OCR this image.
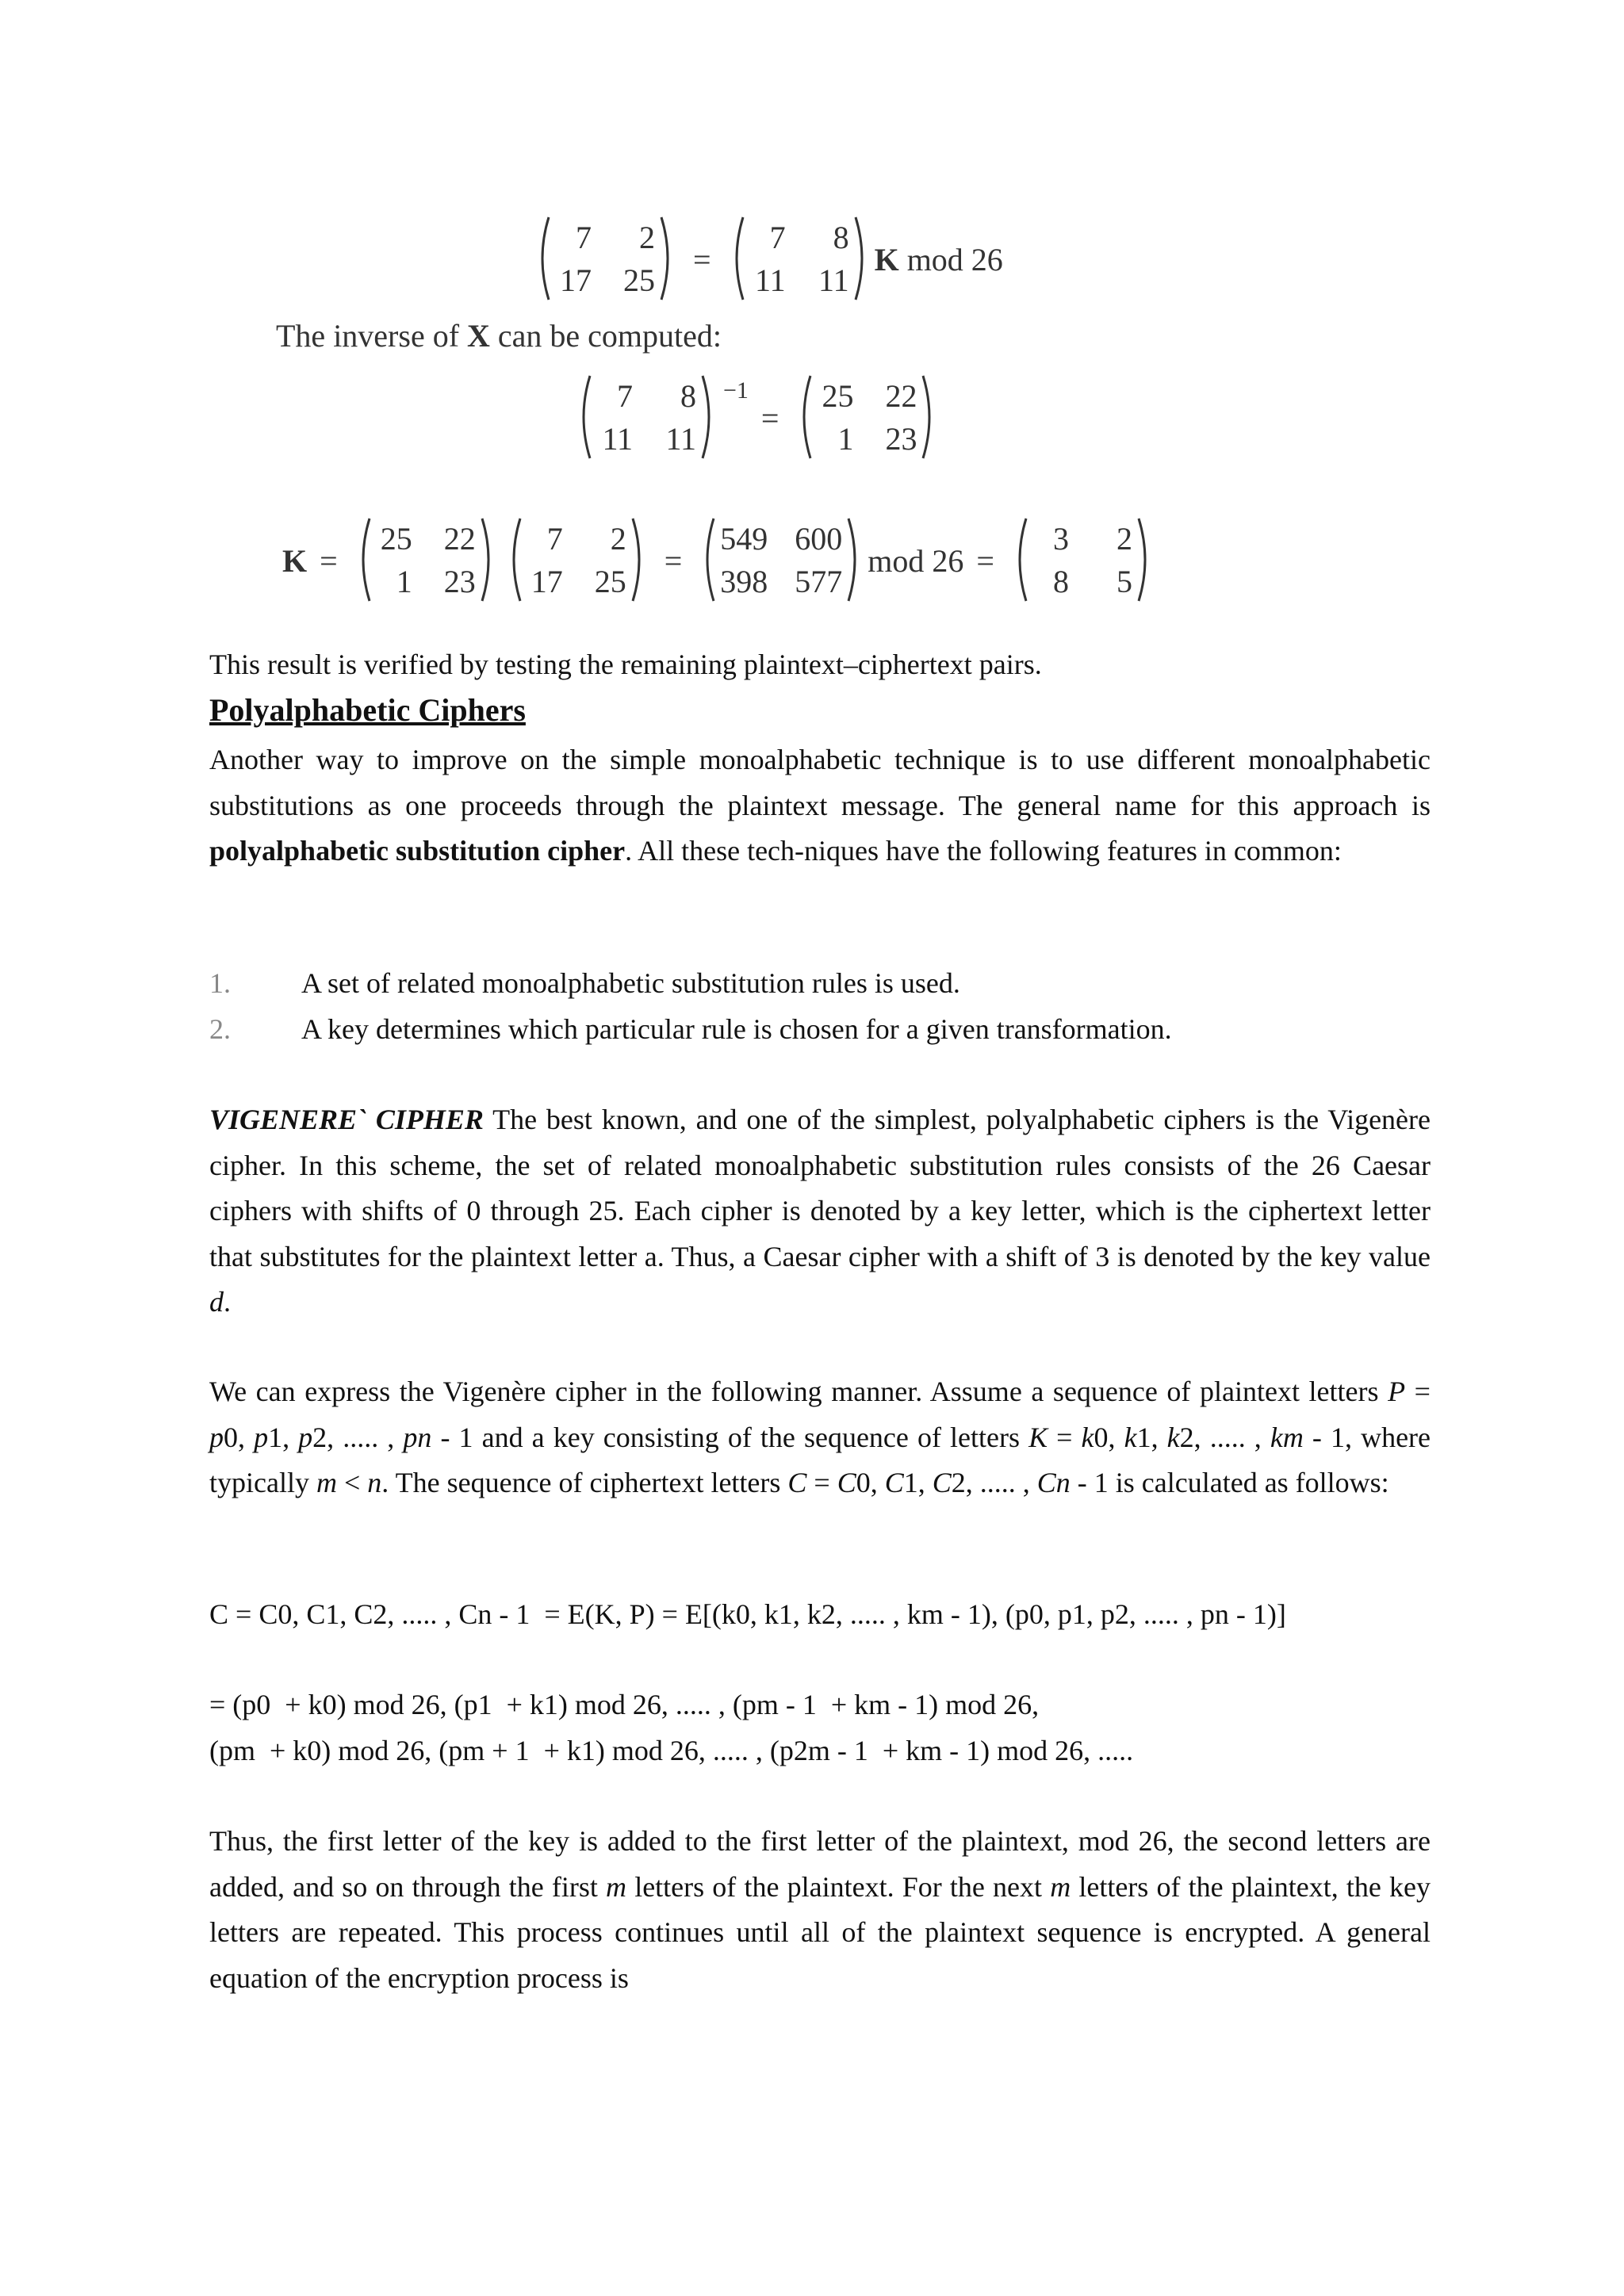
7	2
17 25
=
7	8
11 11
K mod 26
The inverse of X can be computed:
7	8
11 11
−1
=
25 22
1 23
K =
25 22
1 23
7	2
17 25
=
549 600
398 577
mod 26 =
3	2
8	5

This result is verified by testing the remaining plaintext–ciphertext pairs.

Polyalphabetic Ciphers

Another way to improve on the simple monoalphabetic technique is to use different monoalphabetic substitutions as one proceeds through the plaintext message. The general name for this approach is polyalphabetic substitution cipher. All these tech-niques have the following features in common:

1.	A set of related monoalphabetic substitution rules is used.
2.	A key determines which particular rule is chosen for a given transformation.

VIGENERE` CIPHER The best known, and one of the simplest, polyalphabetic ciphers is the Vigenère cipher. In this scheme, the set of related monoalphabetic substitution rules consists of the 26 Caesar ciphers with shifts of 0 through 25. Each cipher is denoted by a key letter, which is the ciphertext letter that substitutes for the plaintext letter a. Thus, a Caesar cipher with a shift of 3 is denoted by the key value d.

We can express the Vigenère cipher in the following manner. Assume a sequence of plaintext letters P = p0, p1, p2, ..... , pn - 1 and a key consisting of the sequence of letters K = k0, k1, k2, ..... , km - 1, where typically m < n. The sequence of ciphertext letters C = C0, C1, C2, ..... , Cn - 1 is calculated as follows:

C = C0, C1, C2, ..... , Cn - 1  = E(K, P) = E[(k0, k1, k2, ..... , km - 1), (p0, p1, p2, ..... , pn - 1)]

= (p0  + k0) mod 26, (p1  + k1) mod 26, ..... , (pm - 1  + km - 1) mod 26,

(pm  + k0) mod 26, (pm + 1  + k1) mod 26, ..... , (p2m - 1  + km - 1) mod 26, .....

Thus, the first letter of the key is added to the first letter of the plaintext, mod 26, the second letters are added, and so on through the first m letters of the plaintext. For the next m letters of the plaintext, the key letters are repeated. This process continues until all of the plaintext sequence is encrypted. A general equation of the encryption process is
